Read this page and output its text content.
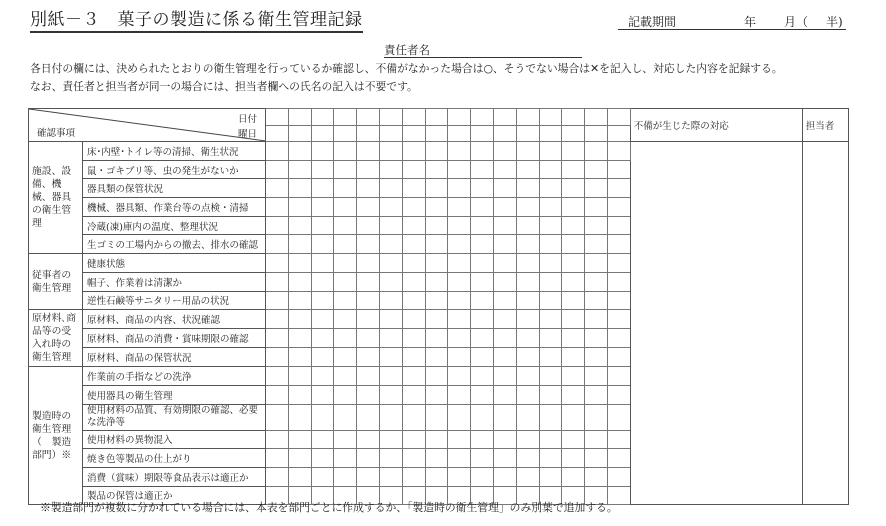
別紙－３　菓子の製造に係る衛生管理記録	記載期間	年 月（ 半)
責任者名
各日付の欄には、決められたとおりの衛生管理を行っているか確認し、不備がなかった場合は○、そうでない場合は✕を記入し、対応した内容を記録する。
なお、責任者と担当者が同一の場合には、担当者欄への氏名の記入は不要です。
日付
曜日
確認事項																		不備が生じた際の対応	担当者

施設、設備、機械、器具の衛生管理	床･内壁･トイレ等の清掃、衛生状況																		
	鼠・ゴキブリ等、虫の発生がないか																		
	器具類の保管状況																		
	機械、器具類、作業台等の点検・清掃																		
	冷蔵(凍)庫内の温度、整理状況																		
	生ゴミの工場内からの撤去、排水の確認																		
従事者の衛生管理	健康状態																		
	帽子、作業着は清潔か																		
	逆性石鹸等サニタリー用品の状況																		
原材料､商品等の受入れ時の衛生管理	原材料、商品の内容、状況確認																		
	原材料、商品の消費・賞味期限の確認																		
	原材料、商品の保管状況																		
製造時の衛生管理（　製造部門）※	作業前の手指などの洗浄																		
	使用器具の衛生管理																		
	使用材料の品質、有効期限の確認、必要な洗浄等																		
	使用材料の異物混入																		
	焼き色等製品の仕上がり																		
	消費（賞味）期限等食品表示は適正か																		
	製品の保管は適正か																		
※製造部門が複数に分かれている場合には、本表を部門ごとに作成するか、「製造時の衛生管理」のみ別葉で追加する。
